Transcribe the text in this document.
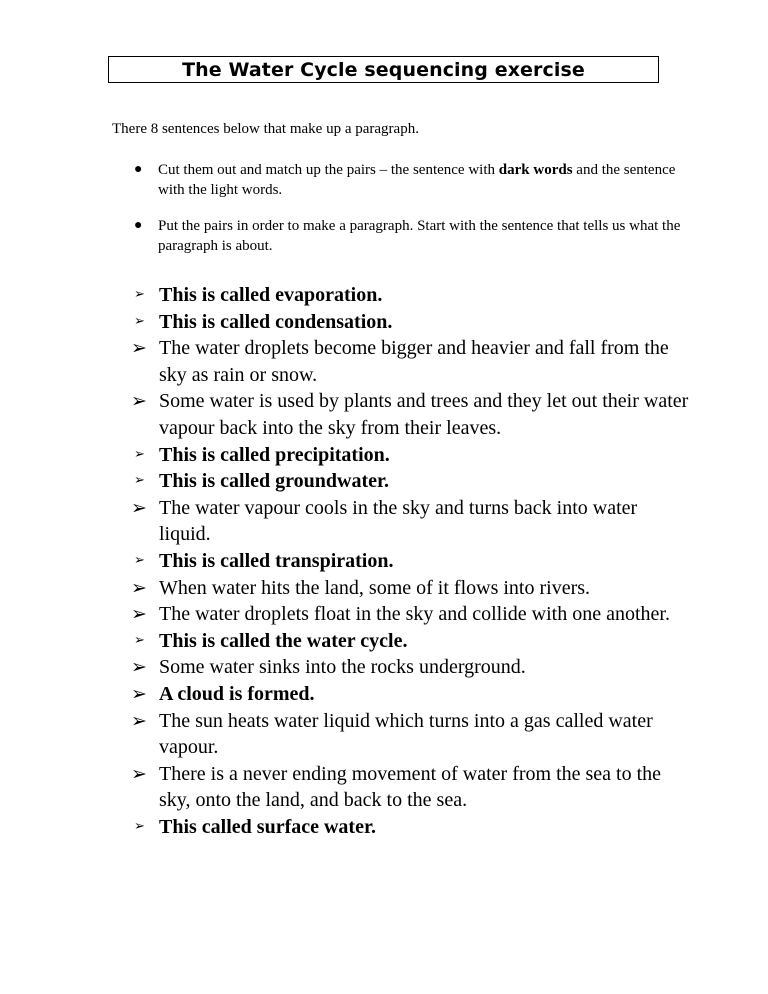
The Water Cycle sequencing exercise
There 8 sentences below that make up a paragraph.
● Cut them out and match up the pairs – the sentence with dark words and the sentence with the light words.
● Put the pairs in order to make a paragraph. Start with the sentence that tells us what the paragraph is about.
➢ This is called evaporation.
➢ This is called condensation.
➢ The water droplets become bigger and heavier and fall from the sky as rain or snow.
➢ Some water is used by plants and trees and they let out their water vapour back into the sky from their leaves.
➢ This is called precipitation.
➢ This is called groundwater.
➢ The water vapour cools in the sky and turns back into water liquid.
➢ This is called transpiration.
➢ When water hits the land, some of it flows into rivers.
➢ The water droplets float in the sky and collide with one another.
➢ This is called the water cycle.
➢ Some water sinks into the rocks underground.
➢ A cloud is formed.
➢ The sun heats water liquid which turns into a gas called water vapour.
➢ There is a never ending movement of water from the sea to the sky, onto the land, and back to the sea.
➢ This called surface water.
